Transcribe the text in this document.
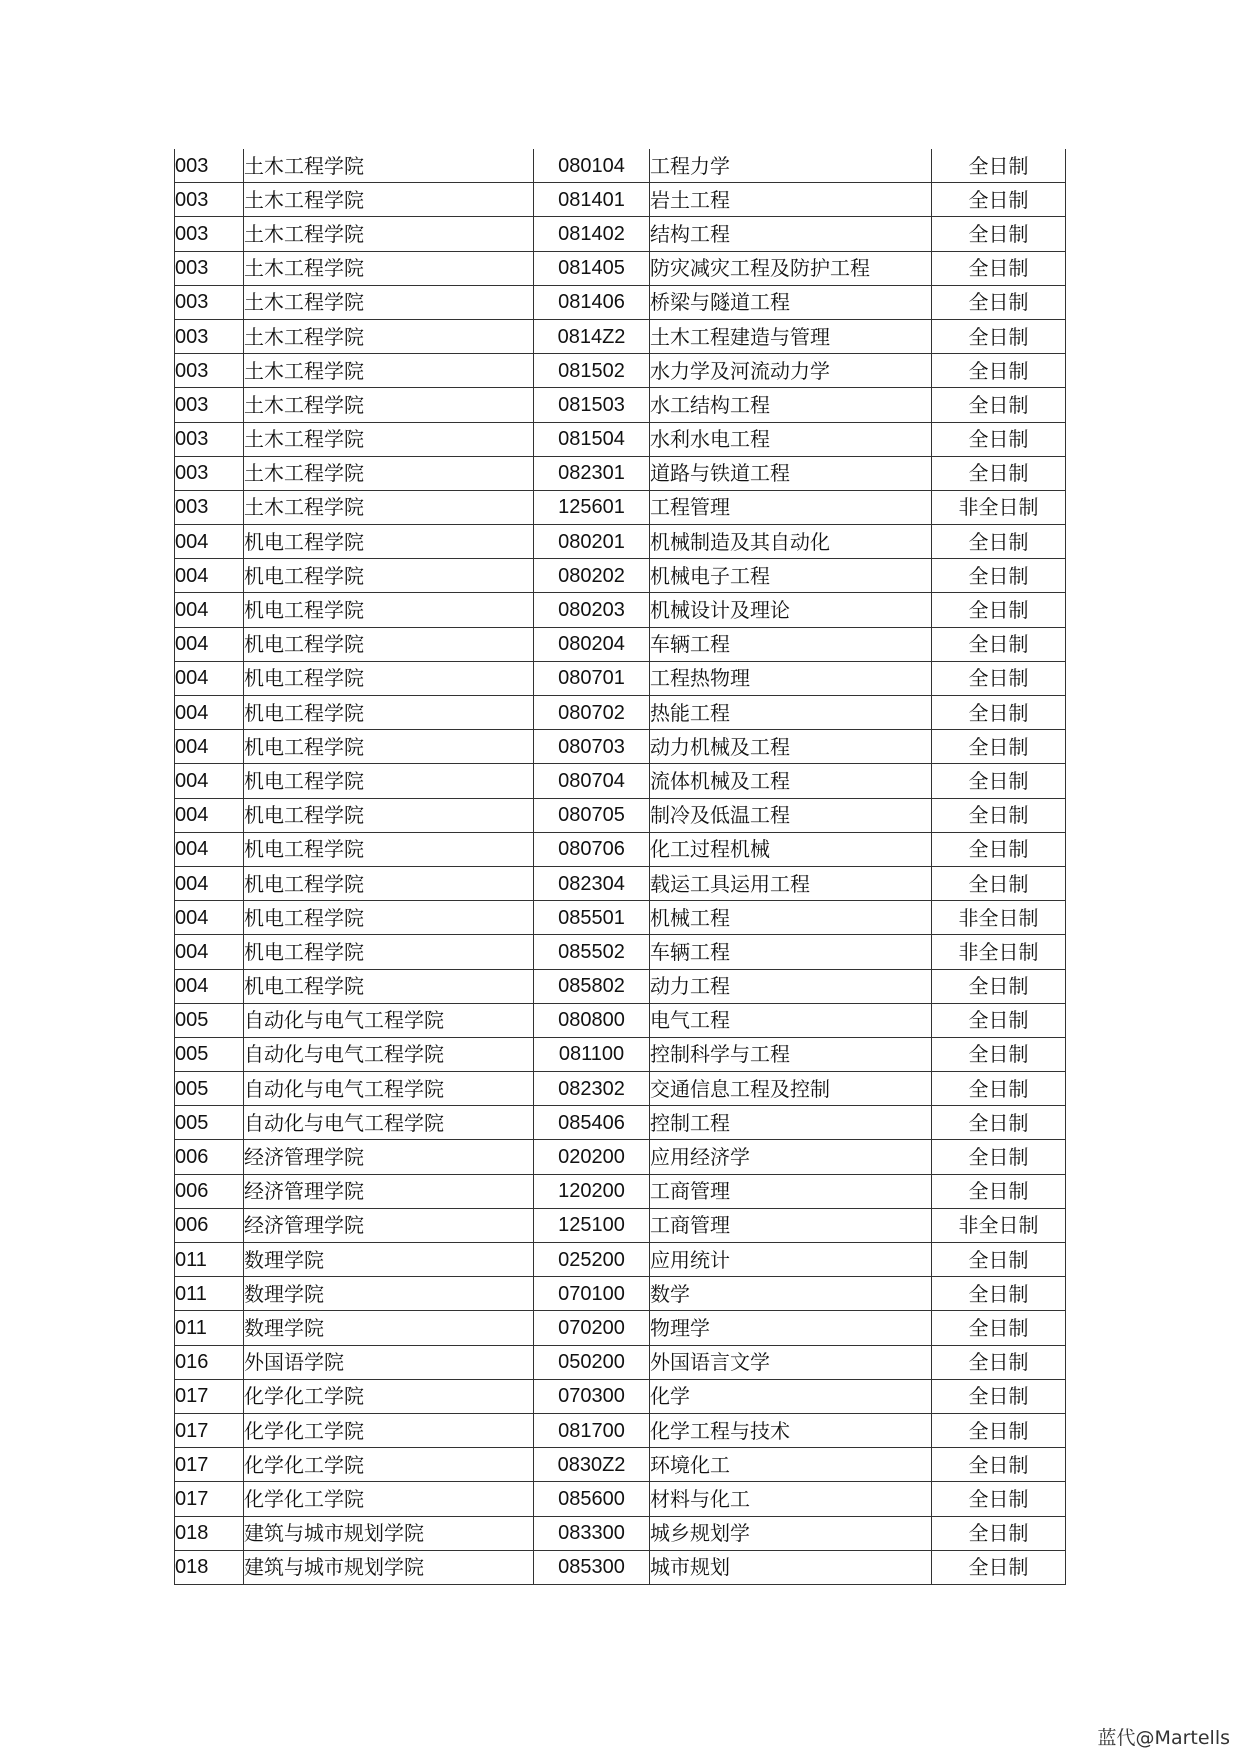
003	土木工程学院	080104	工程力学	全日制
003	土木工程学院	081401	岩土工程	全日制
003	土木工程学院	081402	结构工程	全日制
003	土木工程学院	081405	防灾减灾工程及防护工程	全日制
003	土木工程学院	081406	桥梁与隧道工程	全日制
003	土木工程学院	0814Z2	土木工程建造与管理	全日制
003	土木工程学院	081502	水力学及河流动力学	全日制
003	土木工程学院	081503	水工结构工程	全日制
003	土木工程学院	081504	水利水电工程	全日制
003	土木工程学院	082301	道路与铁道工程	全日制
003	土木工程学院	125601	工程管理	非全日制
004	机电工程学院	080201	机械制造及其自动化	全日制
004	机电工程学院	080202	机械电子工程	全日制
004	机电工程学院	080203	机械设计及理论	全日制
004	机电工程学院	080204	车辆工程	全日制
004	机电工程学院	080701	工程热物理	全日制
004	机电工程学院	080702	热能工程	全日制
004	机电工程学院	080703	动力机械及工程	全日制
004	机电工程学院	080704	流体机械及工程	全日制
004	机电工程学院	080705	制冷及低温工程	全日制
004	机电工程学院	080706	化工过程机械	全日制
004	机电工程学院	082304	载运工具运用工程	全日制
004	机电工程学院	085501	机械工程	非全日制
004	机电工程学院	085502	车辆工程	非全日制
004	机电工程学院	085802	动力工程	全日制
005	自动化与电气工程学院	080800	电气工程	全日制
005	自动化与电气工程学院	081100	控制科学与工程	全日制
005	自动化与电气工程学院	082302	交通信息工程及控制	全日制
005	自动化与电气工程学院	085406	控制工程	全日制
006	经济管理学院	020200	应用经济学	全日制
006	经济管理学院	120200	工商管理	全日制
006	经济管理学院	125100	工商管理	非全日制
011	数理学院	025200	应用统计	全日制
011	数理学院	070100	数学	全日制
011	数理学院	070200	物理学	全日制
016	外国语学院	050200	外国语言文学	全日制
017	化学化工学院	070300	化学	全日制
017	化学化工学院	081700	化学工程与技术	全日制
017	化学化工学院	0830Z2	环境化工	全日制
017	化学化工学院	085600	材料与化工	全日制
018	建筑与城市规划学院	083300	城乡规划学	全日制
018	建筑与城市规划学院	085300	城市规划	全日制
蓝代@Martells
